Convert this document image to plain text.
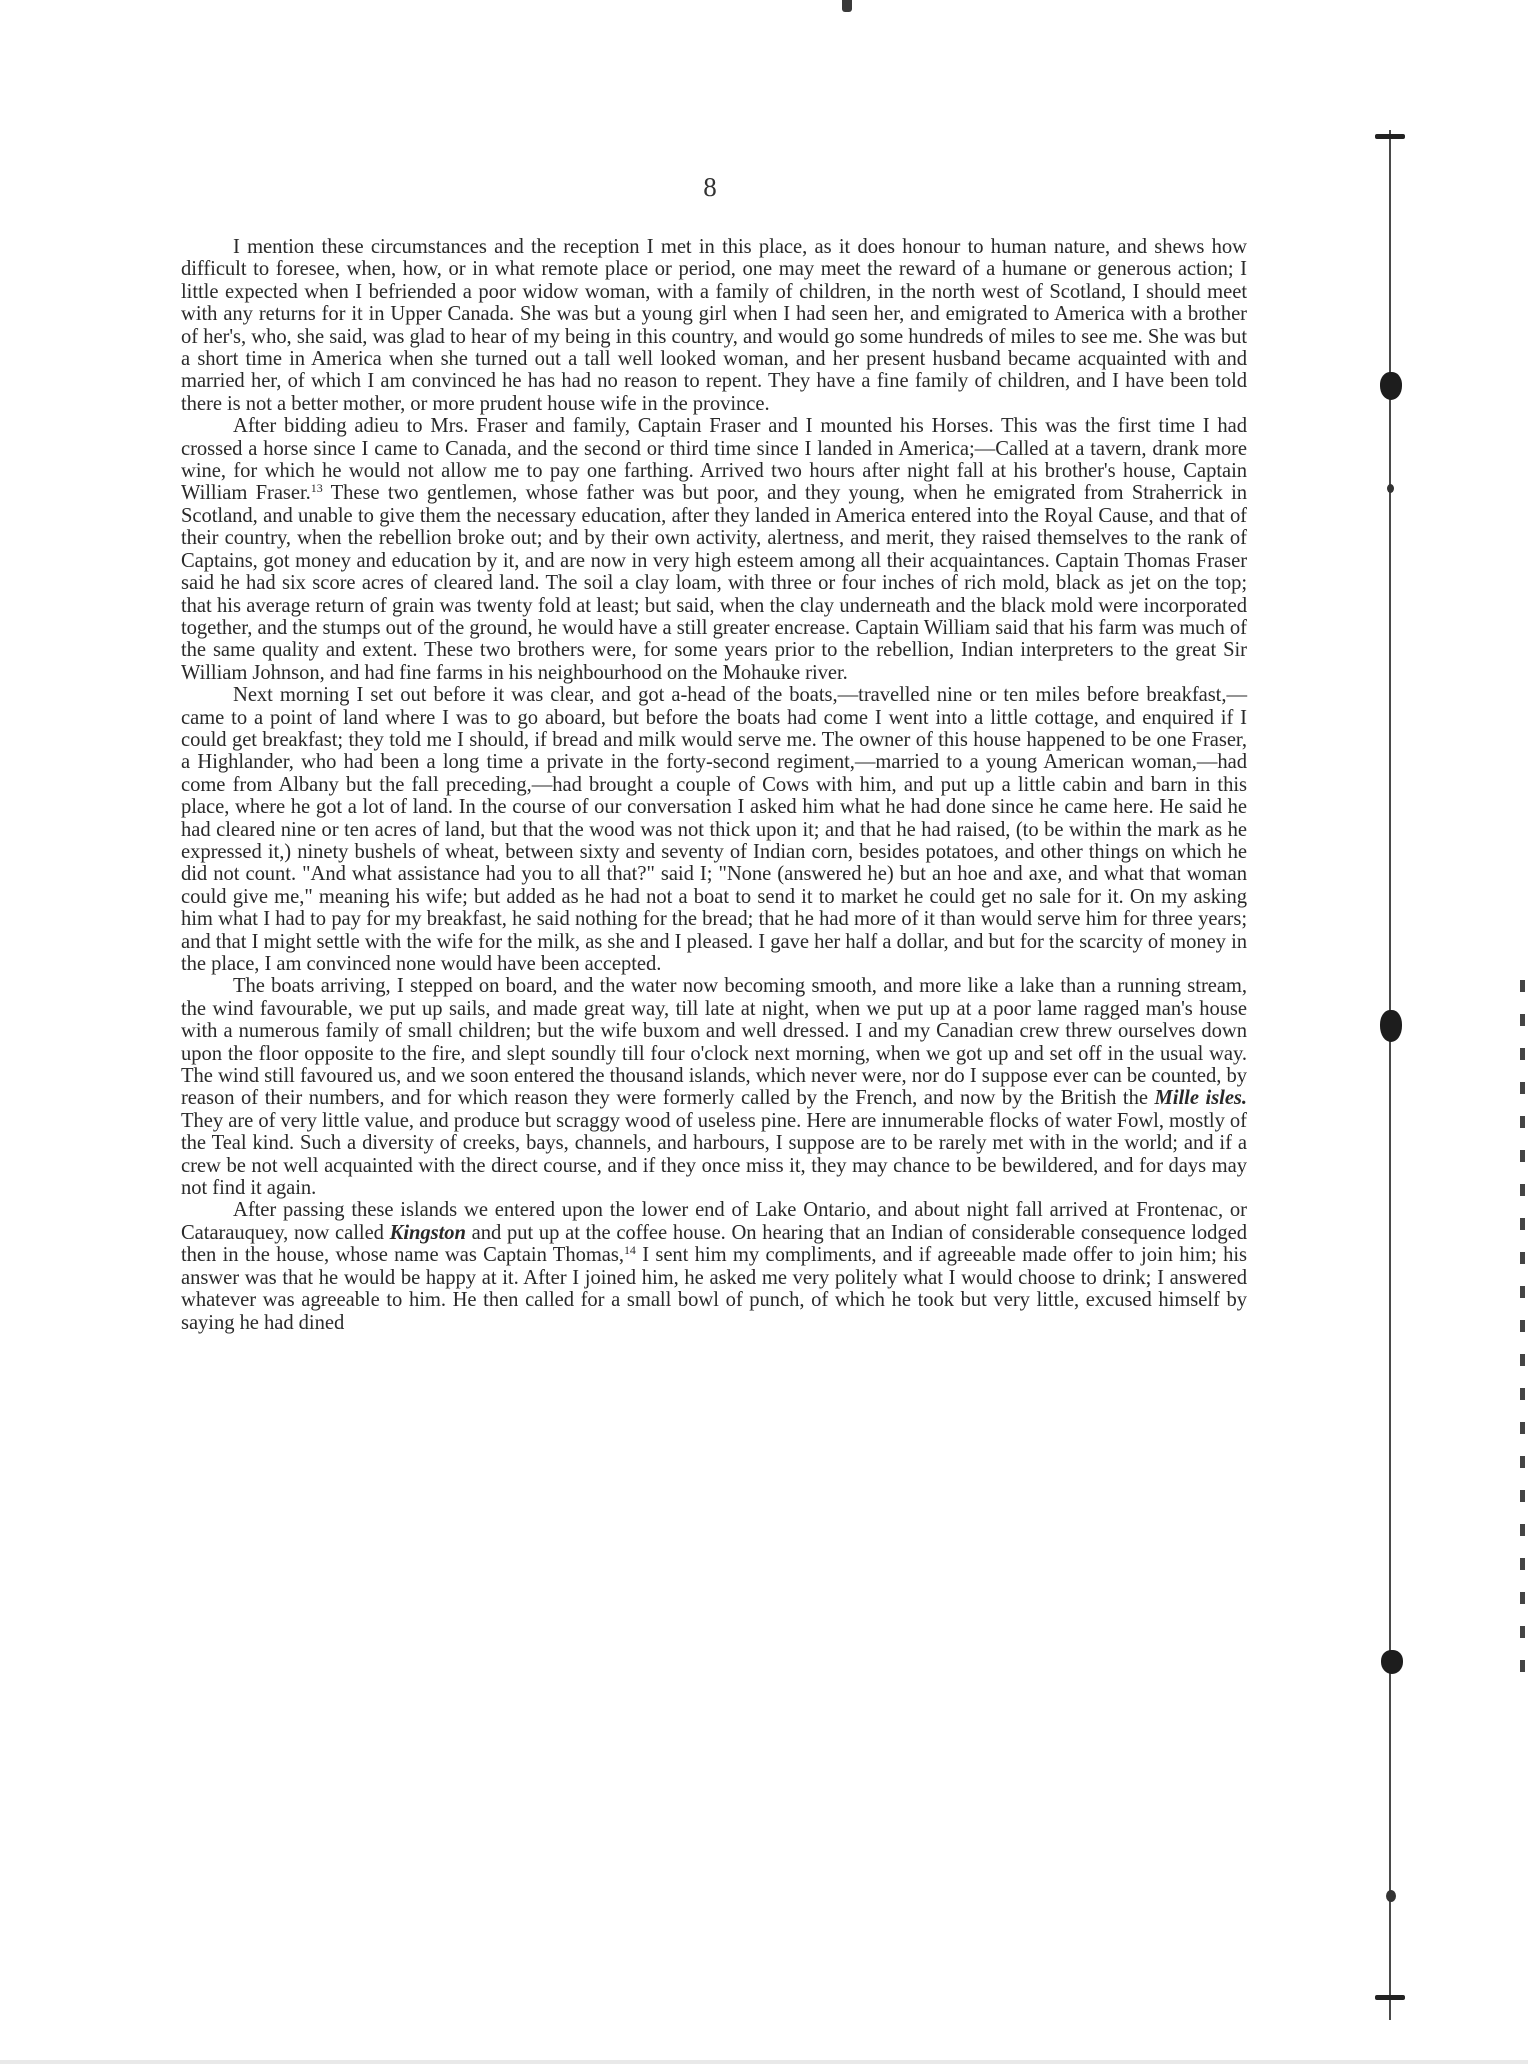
8

I mention these circumstances and the reception I met in this place, as it does honour to human nature, and shews how difficult to foresee, when, how, or in what remote place or period, one may meet the reward of a humane or generous action; I little expected when I befriended a poor widow woman, with a family of children, in the north west of Scotland, I should meet with any returns for it in Upper Canada. She was but a young girl when I had seen her, and emigrated to America with a brother of her's, who, she said, was glad to hear of my being in this country, and would go some hundreds of miles to see me. She was but a short time in America when she turned out a tall well looked woman, and her present husband became acquainted with and married her, of which I am convinced he has had no reason to repent. They have a fine family of children, and I have been told there is not a better mother, or more prudent house wife in the province.

After bidding adieu to Mrs. Fraser and family, Captain Fraser and I mounted his Horses. This was the first time I had crossed a horse since I came to Canada, and the second or third time since I landed in America;—Called at a tavern, drank more wine, for which he would not allow me to pay one farthing. Arrived two hours after night fall at his brother's house, Captain William Fraser.$^{13}$ These two gentlemen, whose father was but poor, and they young, when he emigrated from Straherrick in Scotland, and unable to give them the necessary education, after they landed in America entered into the Royal Cause, and that of their country, when the rebellion broke out; and by their own activity, alertness, and merit, they raised themselves to the rank of Captains, got money and education by it, and are now in very high esteem among all their acquaintances. Captain Thomas Fraser said he had six score acres of cleared land. The soil a clay loam, with three or four inches of rich mold, black as jet on the top; that his average return of grain was twenty fold at least; but said, when the clay underneath and the black mold were incorporated together, and the stumps out of the ground, he would have a still greater encrease. Captain William said that his farm was much of the same quality and extent. These two brothers were, for some years prior to the rebellion, Indian interpreters to the great Sir William Johnson, and had fine farms in his neighbourhood on the Mohauke river.

Next morning I set out before it was clear, and got a-head of the boats,—travelled nine or ten miles before breakfast,—came to a point of land where I was to go aboard, but before the boats had come I went into a little cottage, and enquired if I could get breakfast; they told me I should, if bread and milk would serve me. The owner of this house happened to be one Fraser, a Highlander, who had been a long time a private in the forty-second regiment,—married to a young American woman,—had come from Albany but the fall preceding,—had brought a couple of Cows with him, and put up a little cabin and barn in this place, where he got a lot of land. In the course of our conversation I asked him what he had done since he came here. He said he had cleared nine or ten acres of land, but that the wood was not thick upon it; and that he had raised, (to be within the mark as he expressed it,) ninety bushels of wheat, between sixty and seventy of Indian corn, besides potatoes, and other things on which he did not count. "And what assistance had you to all that?" said I; "None (answered he) but an hoe and axe, and what that woman could give me," meaning his wife; but added as he had not a boat to send it to market he could get no sale for it. On my asking him what I had to pay for my breakfast, he said nothing for the bread; that he had more of it than would serve him for three years; and that I might settle with the wife for the milk, as she and I pleased. I gave her half a dollar, and but for the scarcity of money in the place, I am convinced none would have been accepted.

The boats arriving, I stepped on board, and the water now becoming smooth, and more like a lake than a running stream, the wind favourable, we put up sails, and made great way, till late at night, when we put up at a poor lame ragged man's house with a numerous family of small children; but the wife buxom and well dressed. I and my Canadian crew threw ourselves down upon the floor opposite to the fire, and slept soundly till four o'clock next morning, when we got up and set off in the usual way. The wind still favoured us, and we soon entered the thousand islands, which never were, nor do I suppose ever can be counted, by reason of their numbers, and for which reason they were formerly called by the French, and now by the British the Mille isles. They are of very little value, and produce but scraggy wood of useless pine. Here are innumerable flocks of water Fowl, mostly of the Teal kind. Such a diversity of creeks, bays, channels, and harbours, I suppose are to be rarely met with in the world; and if a crew be not well acquainted with the direct course, and if they once miss it, they may chance to be bewildered, and for days may not find it again.

After passing these islands we entered upon the lower end of Lake Ontario, and about night fall arrived at Frontenac, or Catarauquey, now called Kingston and put up at the coffee house. On hearing that an Indian of considerable consequence lodged then in the house, whose name was Captain Thomas,$^{14}$ I sent him my compliments, and if agreeable made offer to join him; his answer was that he would be happy at it. After I joined him, he asked me very politely what I would choose to drink; I answered whatever was agreeable to him. He then called for a small bowl of punch, of which he took but very little, excused himself by saying he had dined
